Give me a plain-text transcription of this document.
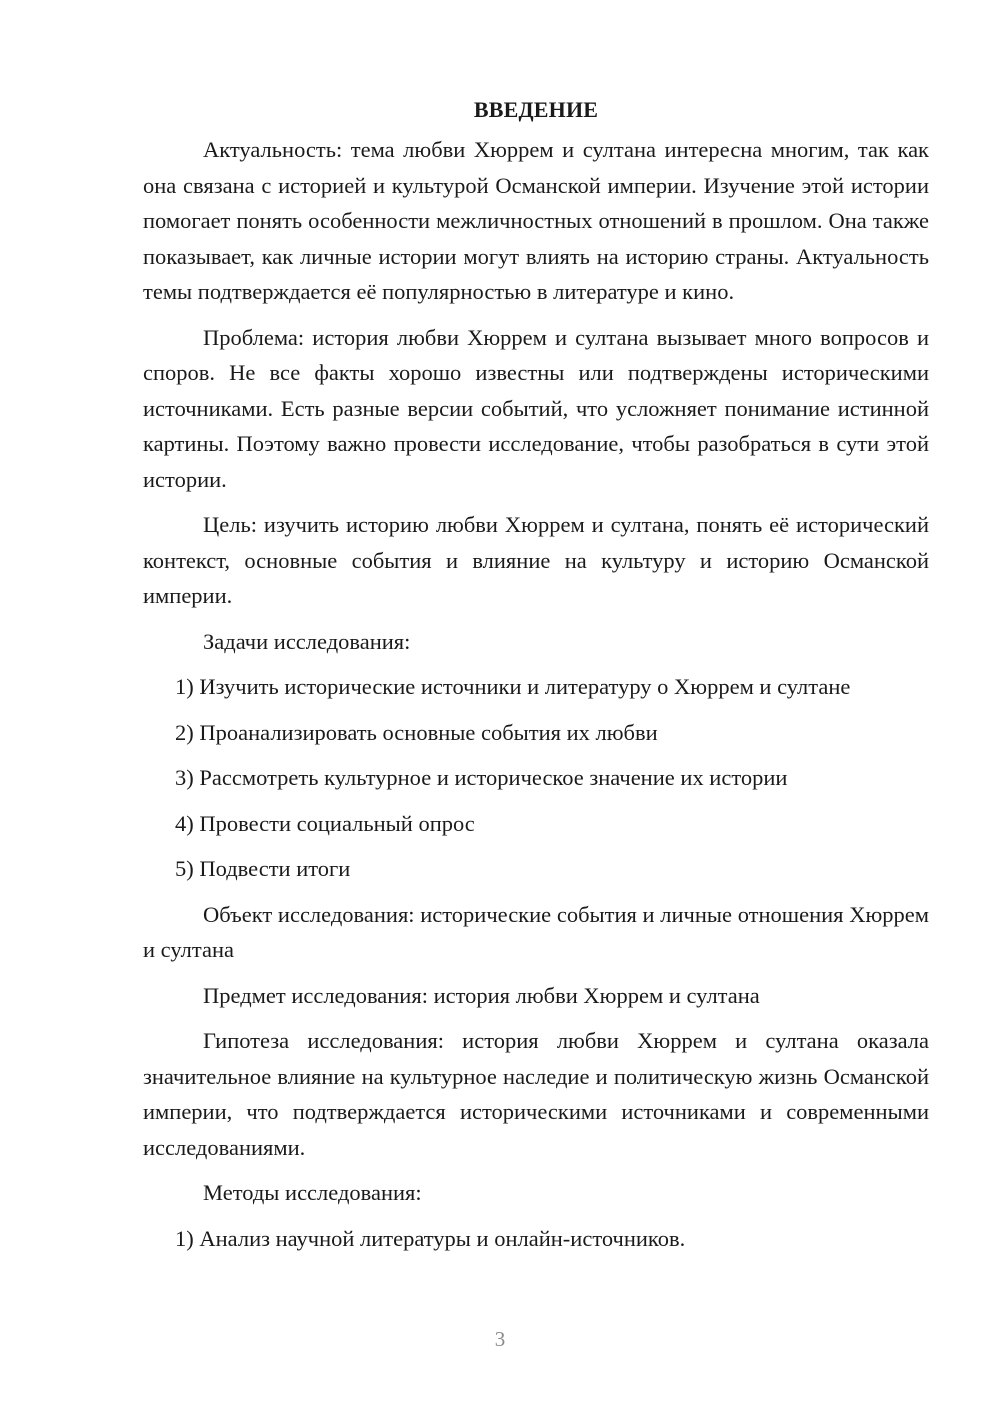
ВВЕДЕНИЕ

Актуальность: тема любви Хюррем и султана интересна многим, так как она связана с историей и культурой Османской империи. Изучение этой истории помогает понять особенности межличностных отношений в прошлом. Она также показывает, как личные истории могут влиять на историю страны. Актуальность темы подтверждается её популярностью в литературе и кино.

Проблема: история любви Хюррем и султана вызывает много вопросов и споров. Не все факты хорошо известны или подтверждены историческими источниками. Есть разные версии событий, что усложняет понимание истинной картины. Поэтому важно провести исследование, чтобы разобраться в сути этой истории.

Цель: изучить историю любви Хюррем и султана, понять её исторический контекст, основные события и влияние на культуру и историю Османской империи.

Задачи исследования:

1) Изучить исторические источники и литературу о Хюррем и султане
2) Проанализировать основные события их любви
3) Рассмотреть культурное и историческое значение их истории
4) Провести социальный опрос
5) Подвести итоги

Объект исследования: исторические события и личные отношения Хюррем и султана

Предмет исследования: история любви Хюррем и султана

Гипотеза исследования: история любви Хюррем и султана оказала значительное влияние на культурное наследие и политическую жизнь Османской империи, что подтверждается историческими источниками и современными исследованиями.

Методы исследования:

1) Анализ научной литературы и онлайн-источников.
3
